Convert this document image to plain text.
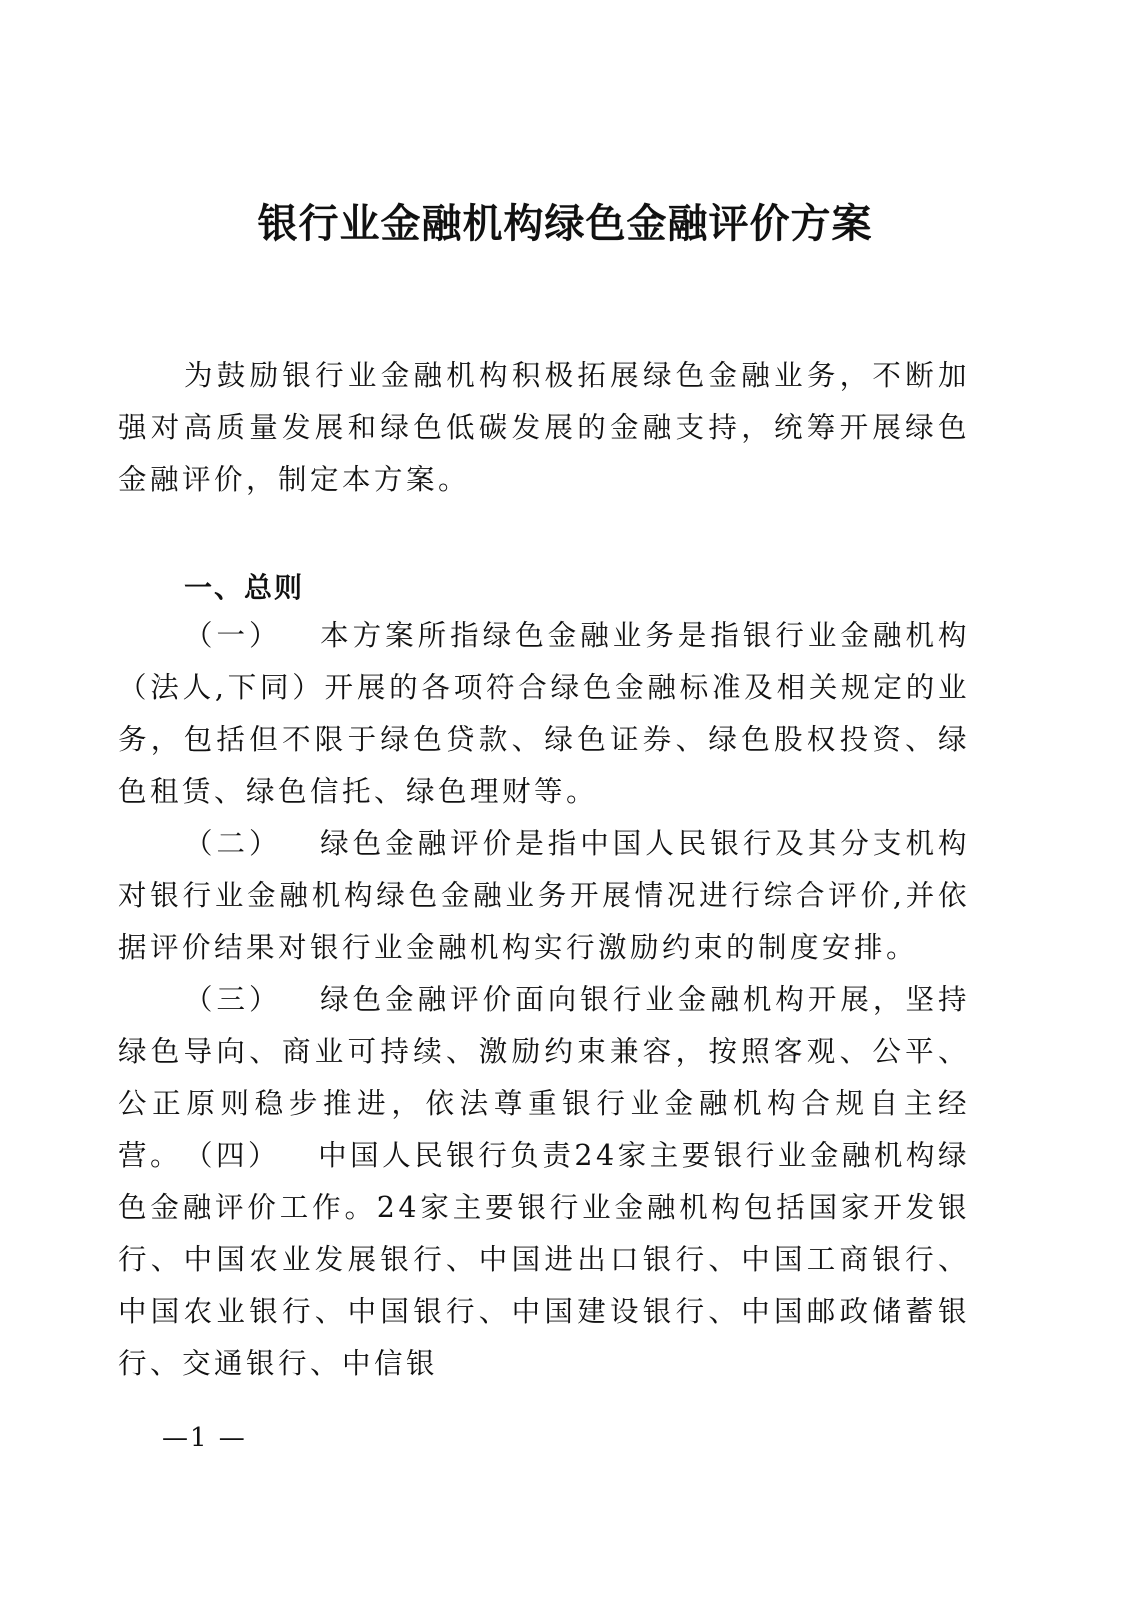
银行业金融机构绿色金融评价方案

为鼓励银行业金融机构积极拓展绿色金融业务，不断加强对高质量发展和绿色低碳发展的金融支持，统筹开展绿色金融评价，制定本方案。

一、总则

（一） 本方案所指绿色金融业务是指银行业金融机构（法人,下同）开展的各项符合绿色金融标准及相关规定的业务，包括但不限于绿色贷款、绿色证券、绿色股权投资、绿色租赁、绿色信托、绿色理财等。

（二） 绿色金融评价是指中国人民银行及其分支机构对银行业金融机构绿色金融业务开展情况进行综合评价,并依据评价结果对银行业金融机构实行激励约束的制度安排。

（三） 绿色金融评价面向银行业金融机构开展，坚持绿色导向、商业可持续、激励约束兼容，按照客观、公平、公正原则稳步推进，依法尊重银行业金融机构合规自主经营。 （四） 中国人民银行负责24家主要银行业金融机构绿色金融评价工作。24家主要银行业金融机构包括国家开发银行、中国农业发展银行、中国进出口银行、中国工商银行、中国农业银行、中国银行、中国建设银行、中国邮政储蓄银行、交通银行、中信银

—1 —
